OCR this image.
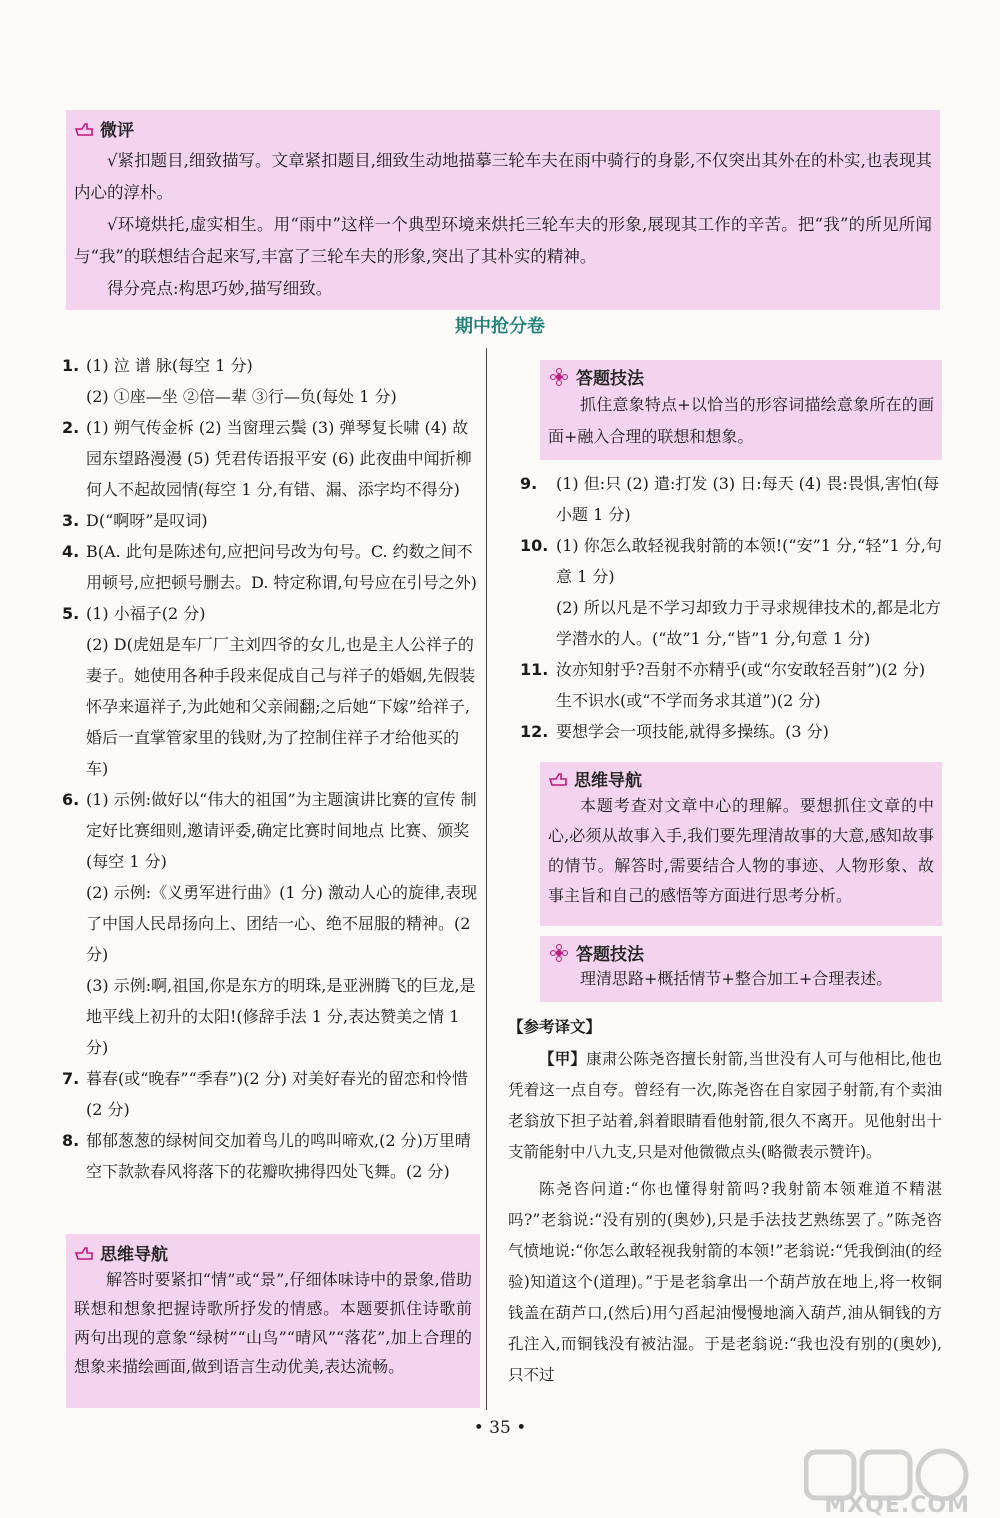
微评

√紧扣题目,细致描写。文章紧扣题目,细致生动地描摹三轮车夫在雨中骑行的身影,不仅突出其外在的朴实,也表现其内心的淳朴。

√环境烘托,虚实相生。用“雨中”这样一个典型环境来烘托三轮车夫的形象,展现其工作的辛苦。把“我”的所见所闻与“我”的联想结合起来写,丰富了三轮车夫的形象,突出了其朴实的精神。

得分亮点:构思巧妙,描写细致。

期中抢分卷
1. (1) 泣 谱 脉(每空 1 分)

(2) ①座—坐 ②倍—辈 ③行—负(每处 1 分)

2. (1) 朔气传金柝 (2) 当窗理云鬓 (3) 弹琴复长啸 (4) 故园东望路漫漫 (5) 凭君传语报平安 (6) 此夜曲中闻折柳 何人不起故园情(每空 1 分,有错、漏、添字均不得分)

3. D(“啊呀”是叹词)

4. B(A. 此句是陈述句,应把问号改为句号。C. 约数之间不用顿号,应把顿号删去。D. 特定称谓,句号应在引号之外)

5. (1) 小福子(2 分)

(2) D(虎妞是车厂厂主刘四爷的女儿,也是主人公祥子的妻子。她使用各种手段来促成自己与祥子的婚姻,先假装怀孕来逼祥子,为此她和父亲闹翻;之后她“下嫁”给祥子,婚后一直掌管家里的钱财,为了控制住祥子才给他买的车)

6. (1) 示例:做好以“伟大的祖国”为主题演讲比赛的宣传 制定好比赛细则,邀请评委,确定比赛时间地点 比赛、颁奖(每空 1 分)

(2) 示例:《义勇军进行曲》(1 分) 激动人心的旋律,表现了中国人民昂扬向上、团结一心、绝不屈服的精神。(2 分)

(3) 示例:啊,祖国,你是东方的明珠,是亚洲腾飞的巨龙,是地平线上初升的太阳!(修辞手法 1 分,表达赞美之情 1 分)

7. 暮春(或“晚春”“季春”)(2 分) 对美好春光的留恋和怜惜(2 分)

8. 郁郁葱葱的绿树间交加着鸟儿的鸣叫啼欢,(2 分)万里晴空下款款春风将落下的花瓣吹拂得四处飞舞。(2 分)

思维导航

解答时要紧扣“情”或“景”,仔细体味诗中的景象,借助联想和想象把握诗歌所抒发的情感。本题要抓住诗歌前两句出现的意象“绿树”“山鸟”“晴风”“落花”,加上合理的想象来描绘画面,做到语言生动优美,表达流畅。

答题技法

抓住意象特点+以恰当的形容词描绘意象所在的画面+融入合理的联想和想象。

9.	(1) 但:只 (2) 遣:打发 (3) 日:每天 (4) 畏:畏惧,害怕(每小题 1 分)

10. (1) 你怎么敢轻视我射箭的本领!(“安”1 分,“轻”1 分,句意 1 分)

(2) 所以凡是不学习却致力于寻求规律技术的,都是北方学潜水的人。(“故”1 分,“皆”1 分,句意 1 分)

11. 汝亦知射乎?吾射不亦精乎(或“尔安敢轻吾射”)(2 分) 生不识水(或“不学而务求其道”)(2 分)

12. 要想学会一项技能,就得多操练。(3 分)

思维导航

本题考查对文章中心的理解。要想抓住文章的中心,必须从故事入手,我们要先理清故事的大意,感知故事的情节。解答时,需要结合人物的事迹、人物形象、故事主旨和自己的感悟等方面进行思考分析。

答题技法

理清思路+概括情节+整合加工+合理表述。

【参考译文】

【甲】康肃公陈尧咨擅长射箭,当世没有人可与他相比,他也凭着这一点自夸。曾经有一次,陈尧咨在自家园子射箭,有个卖油老翁放下担子站着,斜着眼睛看他射箭,很久不离开。见他射出十支箭能射中八九支,只是对他微微点头(略微表示赞许)。

陈尧咨问道:“你也懂得射箭吗?我射箭本领难道不精湛吗?”老翁说:“没有别的(奥妙),只是手法技艺熟练罢了。”陈尧咨气愤地说:“你怎么敢轻视我射箭的本领!”老翁说:“凭我倒油(的经验)知道这个(道理)。”于是老翁拿出一个葫芦放在地上,将一枚铜钱盖在葫芦口,(然后)用勺舀起油慢慢地滴入葫芦,油从铜钱的方孔注入,而铜钱没有被沾湿。于是老翁说:“我也没有别的(奥妙),只不过

• 35 •
MXQE.COM
